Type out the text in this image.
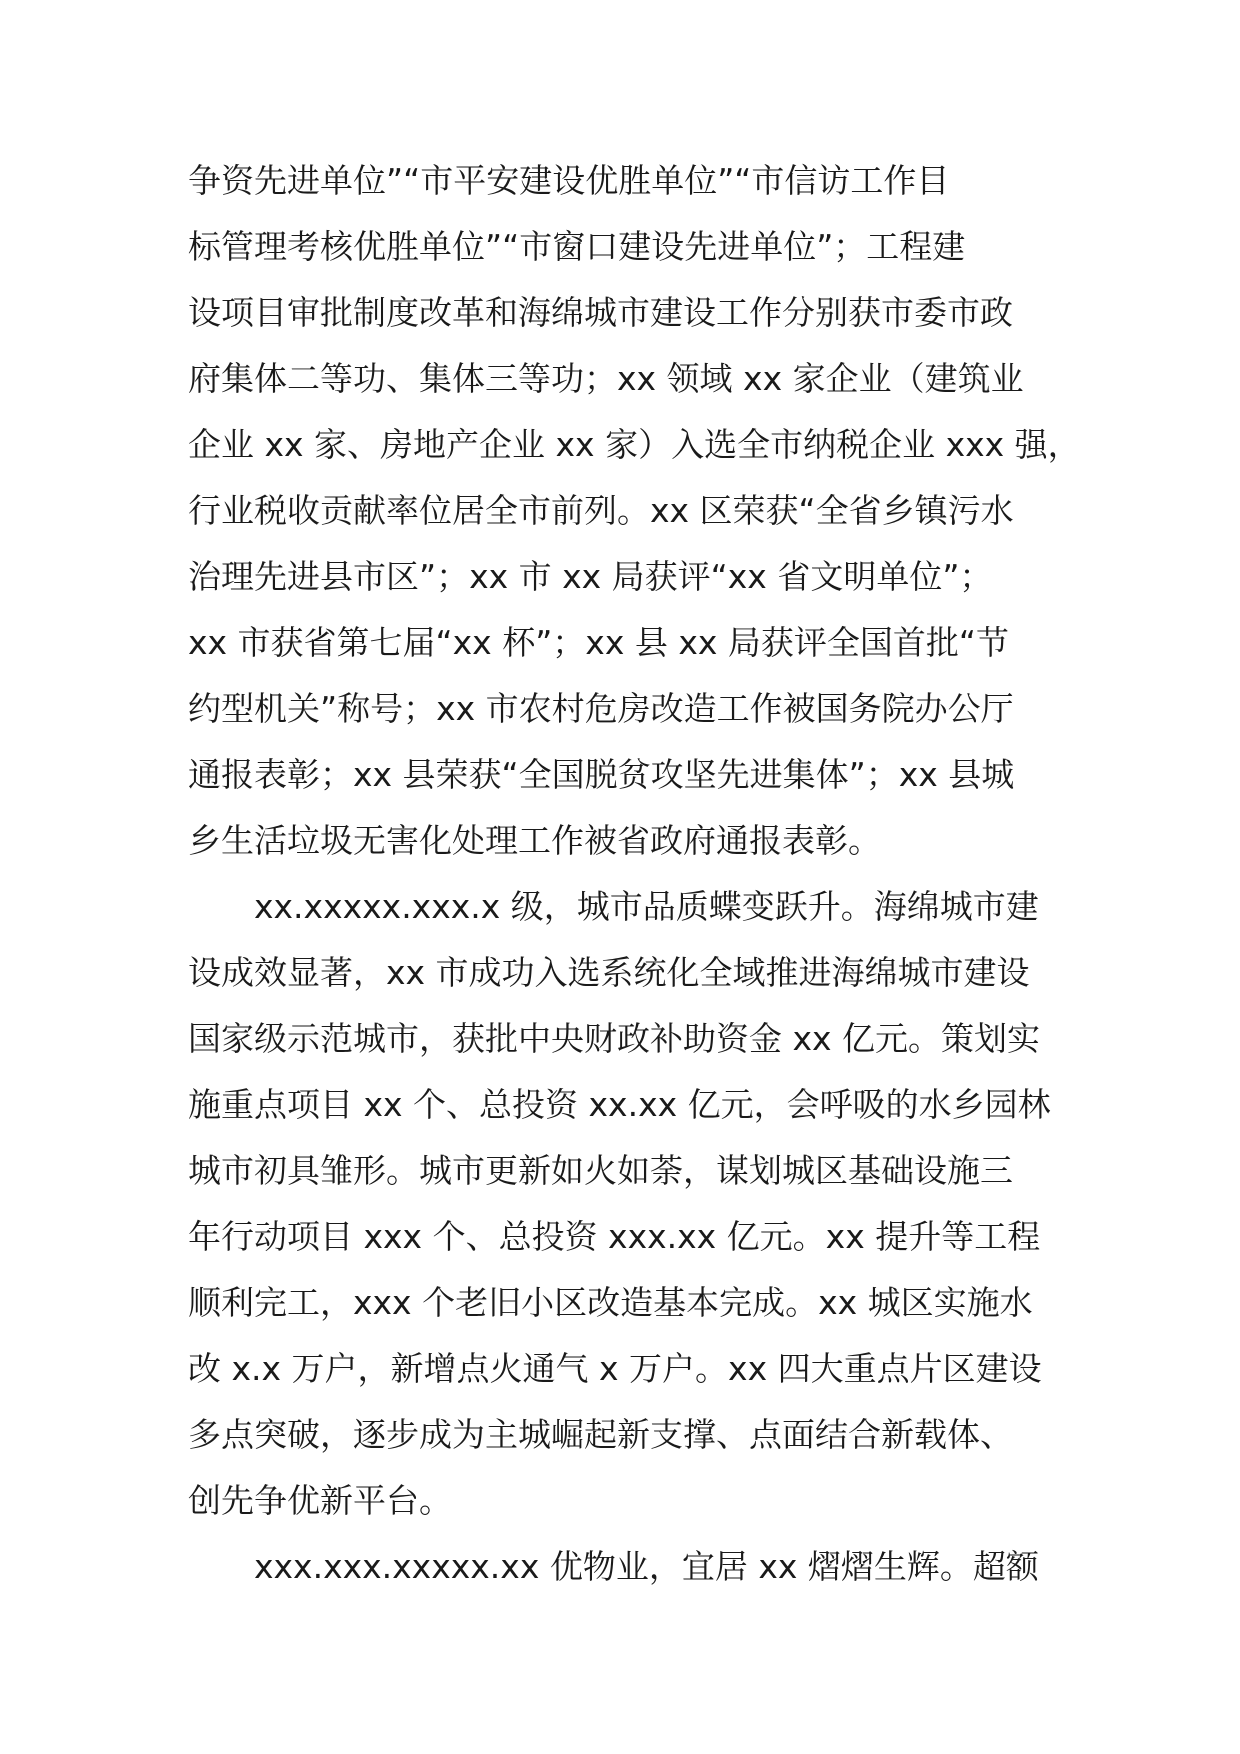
争资先进单位”“市平安建设优胜单位”“市信访工作目
标管理考核优胜单位”“市窗口建设先进单位”；工程建
设项目审批制度改革和海绵城市建设工作分别获市委市政
府集体二等功、集体三等功；xx 领域 xx 家企业（建筑业
企业 xx 家、房地产企业 xx 家）入选全市纳税企业 xxx 强，
行业税收贡献率位居全市前列。xx 区荣获“全省乡镇污水
治理先进县市区”；xx 市 xx 局获评“xx 省文明单位”；
xx 市获省第七届“xx 杯”；xx 县 xx 局获评全国首批“节
约型机关”称号；xx 市农村危房改造工作被国务院办公厅
通报表彰；xx 县荣获“全国脱贫攻坚先进集体”；xx 县城
乡生活垃圾无害化处理工作被省政府通报表彰。
xx.xxxxx.xxx.x 级，城市品质蝶变跃升。海绵城市建
设成效显著，xx 市成功入选系统化全域推进海绵城市建设
国家级示范城市，获批中央财政补助资金 xx 亿元。策划实
施重点项目 xx 个、总投资 xx.xx 亿元，会呼吸的水乡园林
城市初具雏形。城市更新如火如荼，谋划城区基础设施三
年行动项目 xxx 个、总投资 xxx.xx 亿元。xx 提升等工程
顺利完工，xxx 个老旧小区改造基本完成。xx 城区实施水
改 x.x 万户，新增点火通气 x 万户。xx 四大重点片区建设
多点突破，逐步成为主城崛起新支撑、点面结合新载体、
创先争优新平台。
xxx.xxx.xxxxx.xx 优物业，宜居 xx 熠熠生辉。超额
